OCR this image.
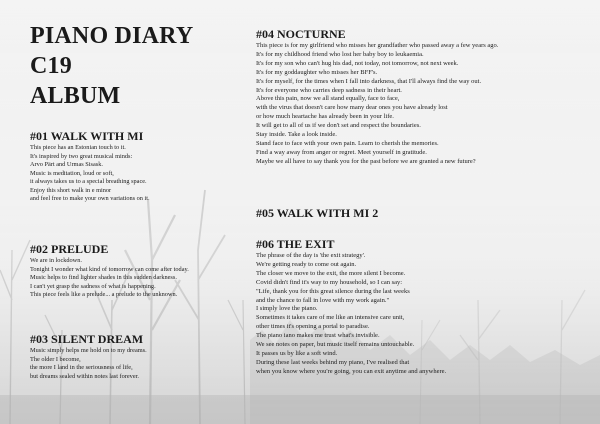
PIANO DIARY
C19
ALBUM
#01 WALK WITH MI
This piece has an Estonian touch to it.
It's inspired by two great musical minds:
Arvo Pärt and Urmas Sisask.
Music is meditation, loud or soft,
it always takes us to a special breathing space.
Enjoy this short walk in e minor
and feel free to make your own variations on it.
#02 PRELUDE
We are in lockdown.
Tonight I wonder what kind of tomorrow can come after today.
Music helps to find lighter shades in this sudden darkness.
I can't yet grasp the sadness of what is happening.
This piece feels like a prelude... a prelude to the unknown.
#03 SILENT DREAM
Music simply helps me hold on to my dreams.
The older I become,
the more I land in the seriousness of life,
but dreams sealed within notes last forever.
#04 NOCTURNE
This piece is for my girlfriend who misses her grandfather who passed away a few years ago.
It's for my childhood friend who lost her baby boy to leukaemia.
It's for my son who can't hug his dad, not today, not tomorrow, not next week.
It's for my goddaughter who misses her BFF's.
It's for myself, for the times when I fall into darkness, that I'll always find the way out.
It's for everyone who carries deep sadness in their heart.
Above this pain, now we all stand equally, face to face,
with the virus that doesn't care how many dear ones you have already lost
or how much heartache has already been in your life.
It will get to all of us if we don't set and respect the boundaries.
Stay inside. Take a look inside.
Stand face to face with your own pain. Learn to cherish the memories.
Find a way away from anger or regret. Meet yourself in gratitude.
Maybe we all have to say thank you for the past before we are granted a new future?
#05 WALK WITH MI 2
#06 THE EXIT
The phrase of the day is 'the exit strategy'.
We're getting ready to come out again.
The closer we move to the exit, the more silent I become.
Covid didn't find it's way to my household, so I can say:
"Life, thank you for this great silence during the last weeks
and the chance to fall in love with my work again."
I simply love the piano.
Sometimes it takes care of me like an intensive care unit,
other times it's opening a portal to paradise.
The piano iano makes me trust what's invisible.
We see notes on paper, but music itself remains untouchable.
It passes us by like a soft wind.
During these last weeks behind my piano, I've realised that
when you know where you're going, you can exit anytime and anywhere.
